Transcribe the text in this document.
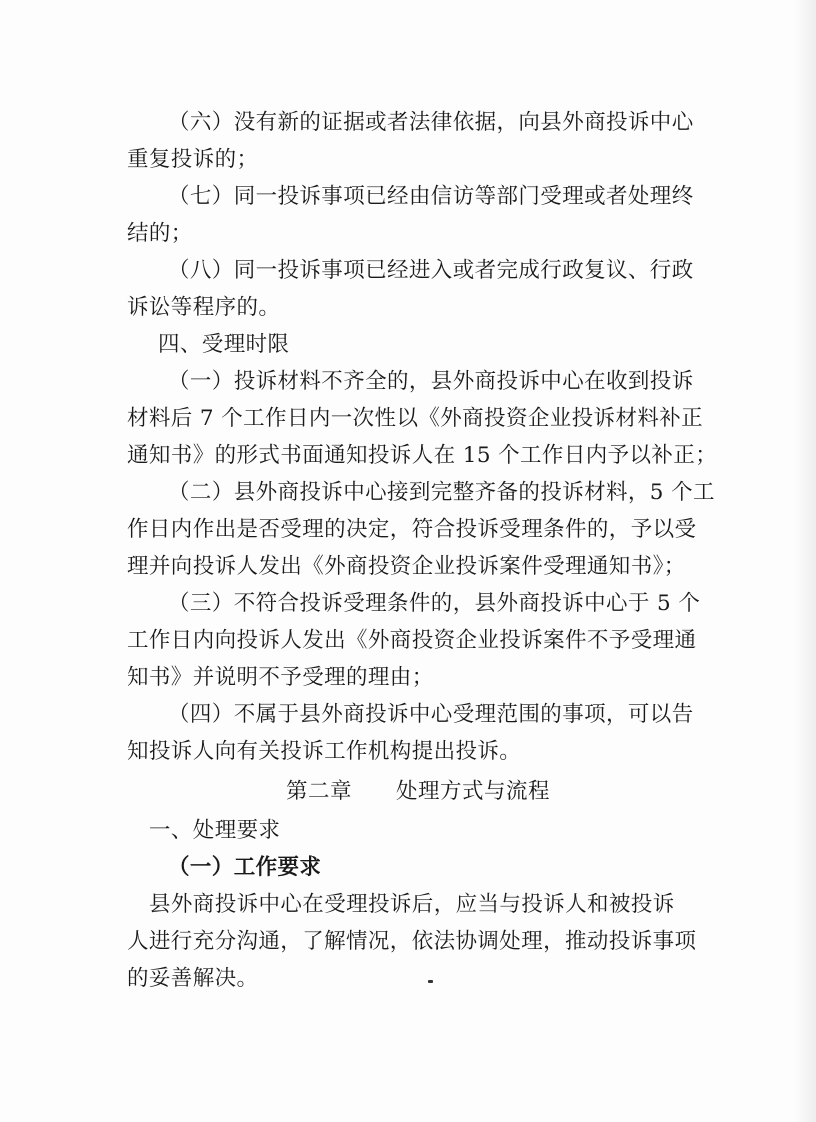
（六）没有新的证据或者法律依据，向县外商投诉中心
重复投诉的；
（七）同一投诉事项已经由信访等部门受理或者处理终
结的；
（八）同一投诉事项已经进入或者完成行政复议、行政
诉讼等程序的。
四、受理时限
（一）投诉材料不齐全的，县外商投诉中心在收到投诉
材料后 7 个工作日内一次性以《外商投资企业投诉材料补正
通知书》的形式书面通知投诉人在 15 个工作日内予以补正；
（二）县外商投诉中心接到完整齐备的投诉材料，5 个工
作日内作出是否受理的决定，符合投诉受理条件的，予以受
理并向投诉人发出《外商投资企业投诉案件受理通知书》；
（三）不符合投诉受理条件的，县外商投诉中心于 5 个
工作日内向投诉人发出《外商投资企业投诉案件不予受理通
知书》并说明不予受理的理由；
（四）不属于县外商投诉中心受理范围的事项，可以告
知投诉人向有关投诉工作机构提出投诉。
第二章　　处理方式与流程
一、处理要求
（一）工作要求
县外商投诉中心在受理投诉后，应当与投诉人和被投诉
人进行充分沟通，了解情况，依法协调处理，推动投诉事项
的妥善解决。
